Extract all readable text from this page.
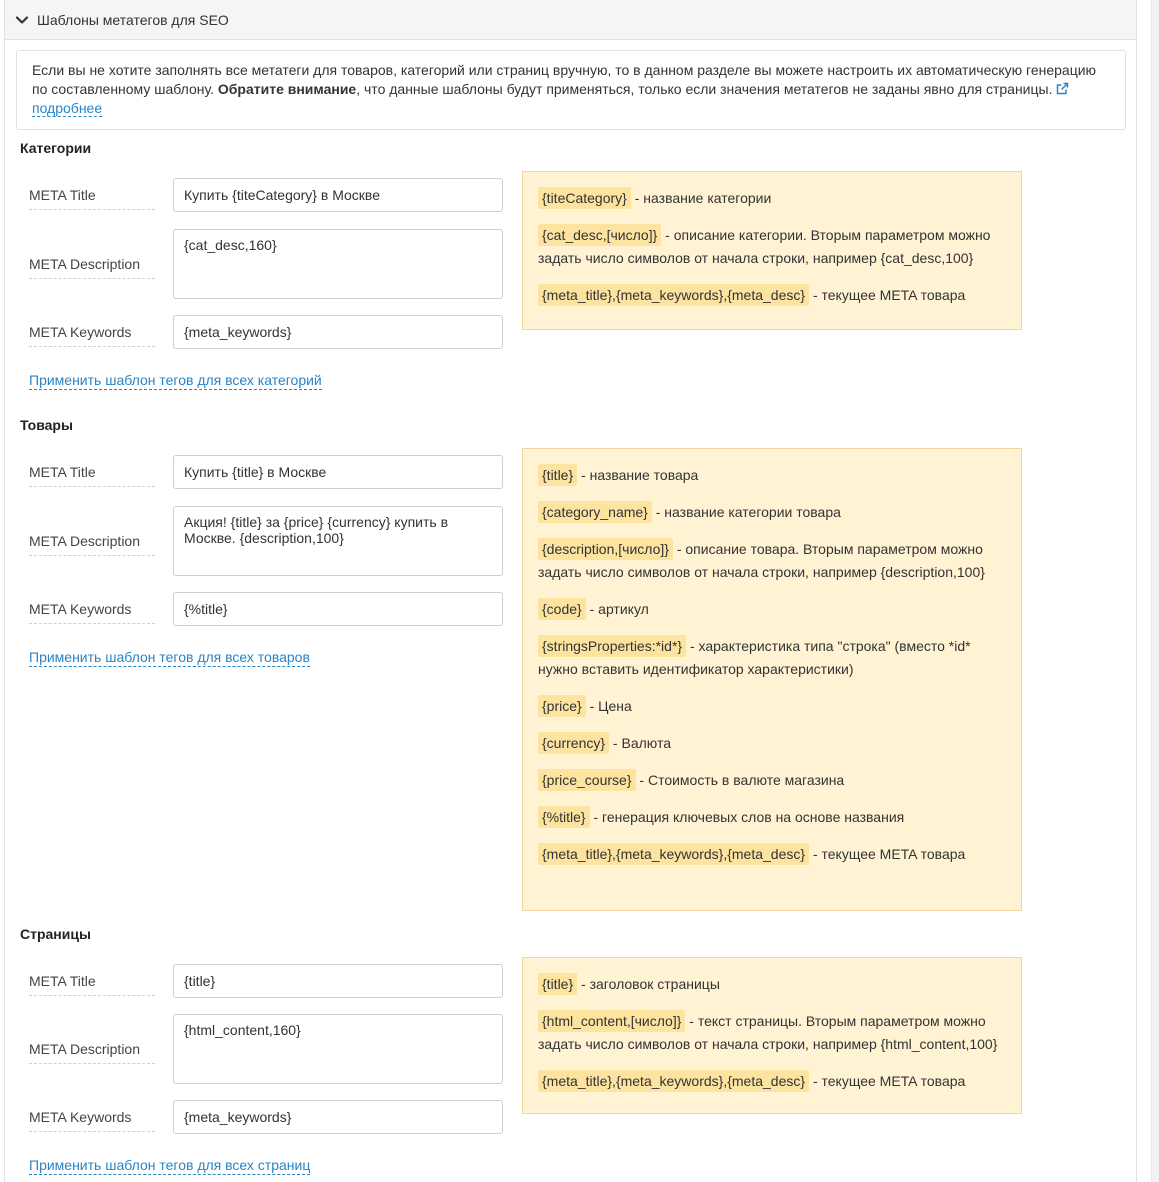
Шаблоны метатегов для SEO
Если вы не хотите заполнять все метатеги для товаров, категорий или страниц вручную, то в данном разделе вы можете настроить их автоматическую генерацию по составленному шаблону. Обратите внимание, что данные шаблоны будут применяться, только если значения метатегов не заданы явно для страницы. подробнее
Категории
META Title
Купить {titeCategory} в Москве
META Description
{cat_desc,160}
META Keywords
{meta_keywords}
Применить шаблон тегов для всех категорий
{titeCategory} - название категории
{cat_desc,[число]} - описание категории. Вторым параметром можно задать число символов от начала строки, например {cat_desc,100}
{meta_title},{meta_keywords},{meta_desc} - текущее META товара
Товары
META Title
Купить {title} в Москве
META Description
Акция! {title} за {price} {currency} купить в Москве. {description,100}
META Keywords
{%title}
Применить шаблон тегов для всех товаров
{title} - название товара
{category_name} - название категории товара
{description,[число]} - описание товара. Вторым параметром можно задать число символов от начала строки, например {description,100}
{code} - артикул
{stringsProperties:*id*} - характеристика типа "строка" (вместо *id* нужно вставить идентификатор характеристики)
{price} - Цена
{currency} - Валюта
{price_course} - Стоимость в валюте магазина
{%title} - генерация ключевых слов на основе названия
{meta_title},{meta_keywords},{meta_desc} - текущее META товара
Страницы
META Title
{title}
META Description
{html_content,160}
META Keywords
{meta_keywords}
Применить шаблон тегов для всех страниц
{title} - заголовок страницы
{html_content,[число]} - текст страницы. Вторым параметром можно задать число символов от начала строки, например {html_content,100}
{meta_title},{meta_keywords},{meta_desc} - текущее META товара
